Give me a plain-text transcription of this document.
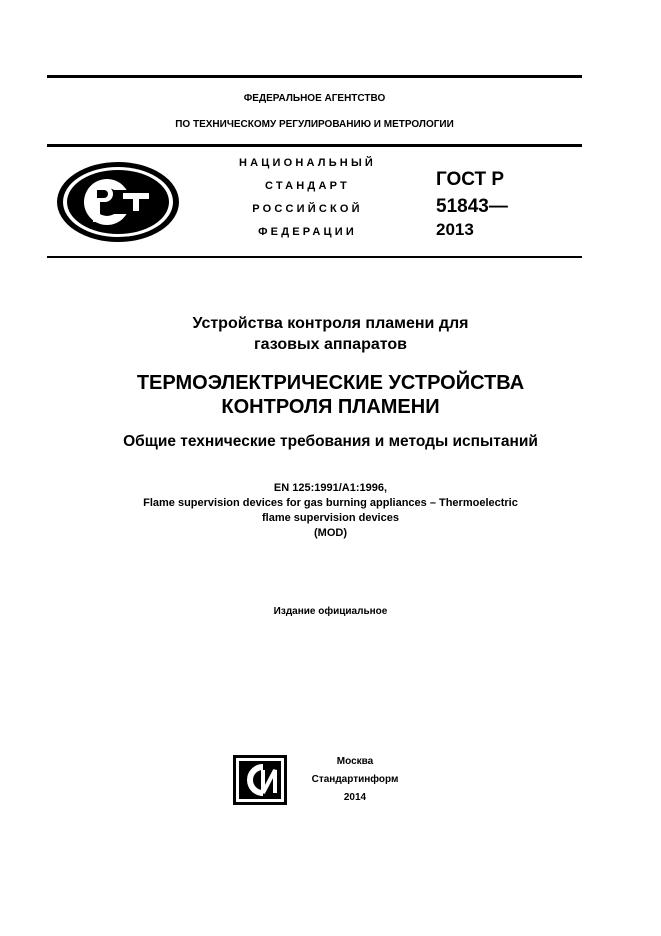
ФЕДЕРАЛЬНОЕ АГЕНТСТВО
ПО ТЕХНИЧЕСКОМУ РЕГУЛИРОВАНИЮ И МЕТРОЛОГИИ
НАЦИОНАЛЬНЫЙ
СТАНДАРТ
РОССИЙСКОЙ
ФЕДЕРАЦИИ
ГОСТ Р
51843—
2013
Устройства контроля пламени для
газовых аппаратов
ТЕРМОЭЛЕКТРИЧЕСКИЕ УСТРОЙСТВА
КОНТРОЛЯ ПЛАМЕНИ
Общие технические требования и методы испытаний
EN 125:1991/A1:1996,
Flame supervision devices for gas burning appliances – Thermoelectric
flame supervision devices
(MOD)
Издание официальное
Москва
Стандартинформ
2014
